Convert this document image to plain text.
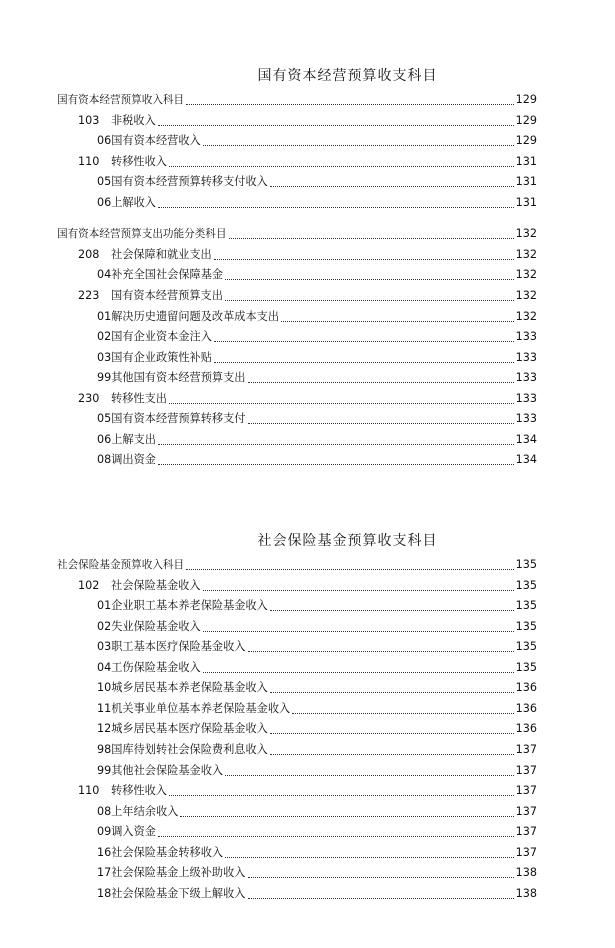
国有资本经营预算收支科目
国有资本经营预算收入科目	129
103 非税收入	129
06国有资本经营收入	129
110 转移性收入	131
05国有资本经营预算转移支付收入	131
06上解收入	131
国有资本经营预算支出功能分类科目	132
208 社会保障和就业支出	132
04补充全国社会保障基金	132
223 国有资本经营预算支出	132
01解决历史遗留问题及改革成本支出	132
02国有企业资本金注入	133
03国有企业政策性补贴	133
99其他国有资本经营预算支出	133
230 转移性支出	133
05国有资本经营预算转移支付	133
06上解支出	134
08调出资金	134
社会保险基金预算收支科目
社会保险基金预算收入科目	135
102 社会保险基金收入	135
01企业职工基本养老保险基金收入	135
02失业保险基金收入	135
03职工基本医疗保险基金收入	135
04工伤保险基金收入	135
10城乡居民基本养老保险基金收入	136
11机关事业单位基本养老保险基金收入	136
12城乡居民基本医疗保险基金收入	136
98国库待划转社会保险费利息收入	137
99其他社会保险基金收入	137
110 转移性收入	137
08上年结余收入	137
09调入资金	137
16社会保险基金转移收入	137
17社会保险基金上级补助收入	138
18社会保险基金下级上解收入	138
